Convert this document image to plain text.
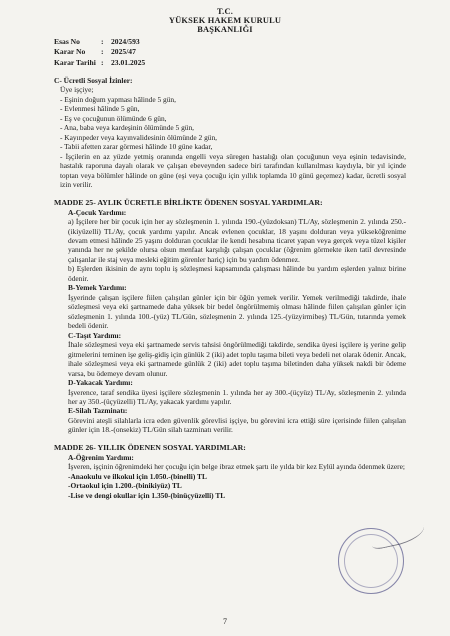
T.C.
YÜKSEK HAKEM KURULU
BAŞKANLIĞI
Esas No	: 2024/593
Karar No	: 2025/47
Karar Tarihi : 23.01.2025

C- Ücretli Sosyal İzinler:

Üye işçiye;

- Eşinin doğum yapması hâlinde 5 gün,

- Evlenmesi hâlinde 5 gün,

- Eş ve çocuğunun ölümünde 6 gün,

- Ana, baba veya kardeşinin ölümünde 5 gün,

- Kayınpeder veya kayınvalidesinin ölümünde 2 gün,

- Tabii afetten zarar görmesi hâlinde 10 güne kadar,

- İşçilerin en az yüzde yetmiş oranında engelli veya süregen hastalığı olan çocuğunun veya eşinin tedavisinde, hastalık raporuna dayalı olarak ve çalışan ebeveynden sadece biri tarafından kullanılması kaydıyla, bir yıl içinde toptan veya bölümler hâlinde on güne (eşi veya çocuğu için yıllık toplamda 10 günü geçemez) kadar, ücretli sosyal izin verilir.

MADDE 25- AYLIK ÜCRETLE BİRLİKTE ÖDENEN SOSYAL YARDIMLAR:

A-Çocuk Yardımı:

a) İşçilere her bir çocuk için her ay sözleşmenin 1. yılında 190.-(yüzdoksan) TL/Ay, sözleşmenin 2. yılında 250.-(ikiyüzelli) TL/Ay, çocuk yardımı yapılır. Ancak evlenen çocuklar, 18 yaşını dolduran veya yükseköğrenime devam etmesi hâlinde 25 yaşını dolduran çocuklar ile kendi hesabına ticaret yapan veya gerçek veya tüzel kişiler yanında her ne şekilde olursa olsun menfaat karşılığı çalışan çocuklar (öğrenim görmekte iken tatil devresinde çalışanlar ile staj veya mesleki eğitim görenler hariç) için bu yardım ödenmez.

b) Eşlerden ikisinin de aynı toplu iş sözleşmesi kapsamında çalışması hâlinde bu yardım eşlerden yalnız birine ödenir.

B-Yemek Yardımı:

İşyerinde çalışan işçilere fiilen çalışılan günler için bir öğün yemek verilir. Yemek verilmediği takdirde, ihale sözleşmesi veya eki şartnamede daha yüksek bir bedel öngörülmemiş olması hâlinde fiilen çalışılan günler için sözleşmenin 1. yılında 100.-(yüz) TL/Gün, sözleşmenin 2. yılında 125.-(yüzyirmibeş) TL/Gün, tutarında yemek bedeli ödenir.

C-Taşıt Yardımı:

İhale sözleşmesi veya eki şartnamede servis tahsisi öngörülmediği takdirde, sendika üyesi işçilere iş yerine gelip gitmelerini teminen işe geliş-gidiş için günlük 2 (iki) adet toplu taşıma bileti veya bedeli net olarak ödenir. Ancak, ihale sözleşmesi veya eki şartnamede günlük 2 (iki) adet toplu taşıma biletinden daha yüksek nakdi bir ödeme varsa, bu ödemeye devam olunur.

D-Yakacak Yardımı:

İşverence, taraf sendika üyesi işçilere sözleşmenin 1. yılında her ay 300.-(üçyüz) TL/Ay, sözleşmenin 2. yılında her ay 350.-(üçyüzelli) TL/Ay, yakacak yardımı yapılır.

E-Silah Tazminatı:

Görevini ateşli silahlarla icra eden güvenlik görevlisi işçiye, bu görevini icra ettiği süre içerisinde fiilen çalışılan günler için 18.-(onsekiz) TL/Gün silah tazminatı verilir.

MADDE 26- YILLIK ÖDENEN SOSYAL YARDIMLAR:

A-Öğrenim Yardımı:

İşveren, işçinin öğrenimdeki her çocuğu için belge ibraz etmek şartı ile yılda bir kez Eylül ayında ödenmek üzere;

-Anaokulu ve ilkokul için 1.050.-(binelli) TL

-Ortaokul için 1.200.-(binikiyüz) TL

-Lise ve dengi okullar için 1.350-(binüçyüzelli) TL

7
